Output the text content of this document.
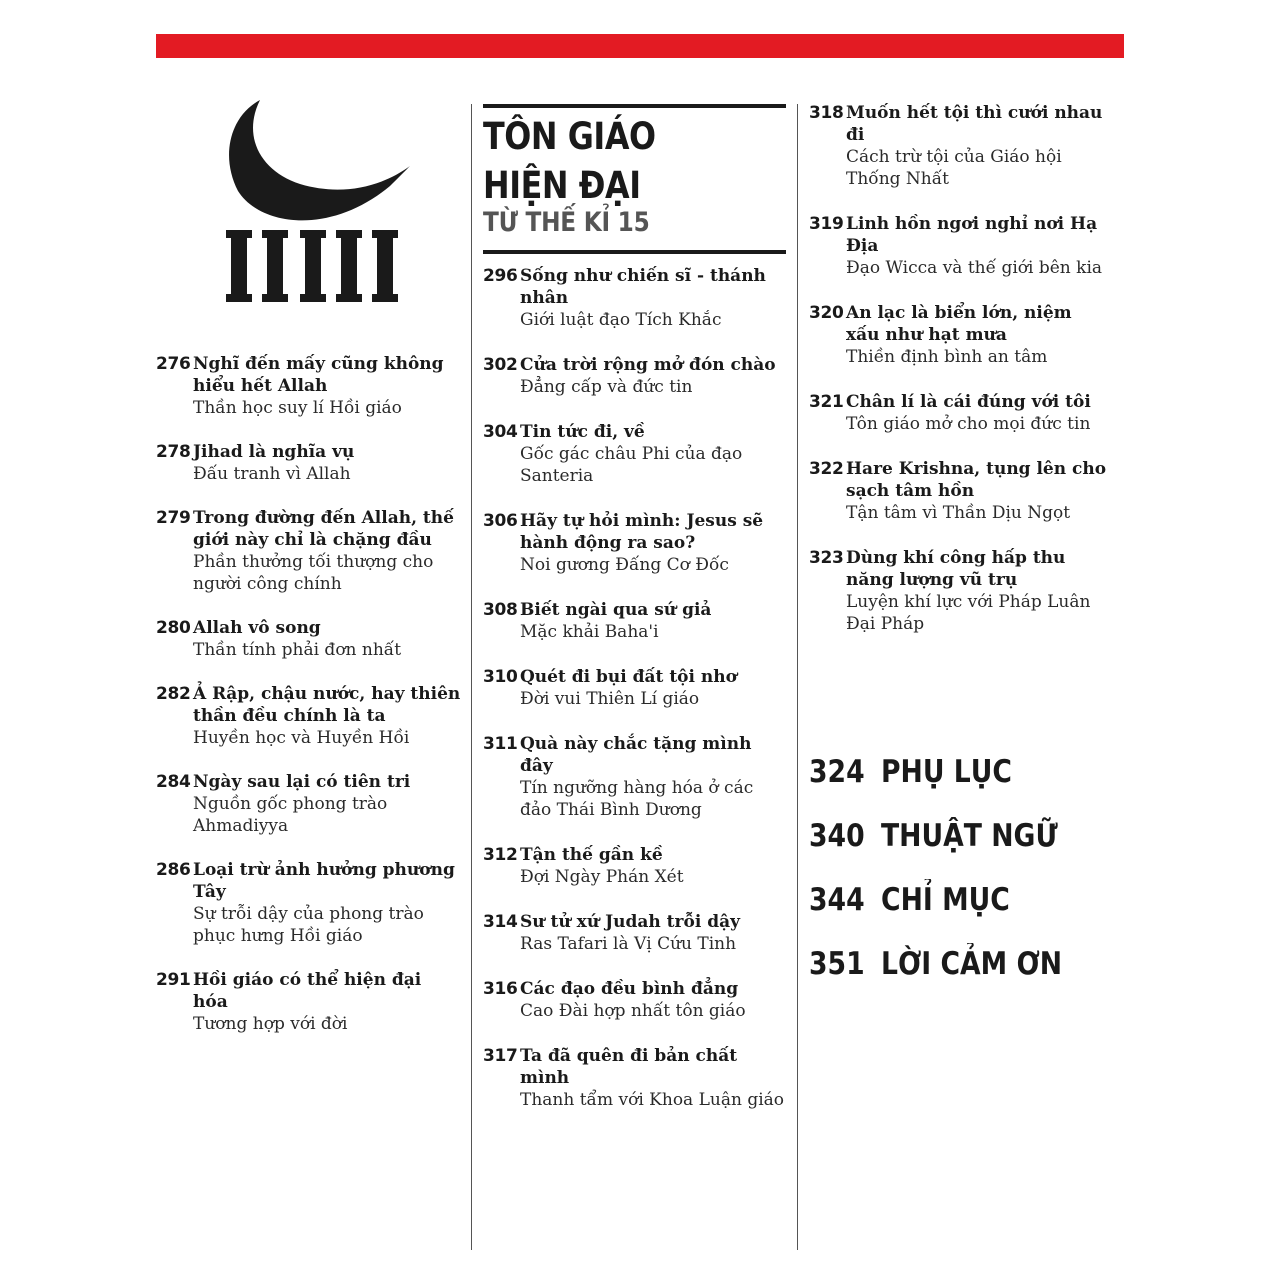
TÔN GIÁO
HIỆN ĐẠI
TỪ THẾ KỈ 15
276 Nghĩ đến mấy cũng không hiểu hết Allah
Thần học suy lí Hồi giáo
278 Jihad là nghĩa vụ
Đấu tranh vì Allah
279 Trong đường đến Allah, thế giới này chỉ là chặng đầu
Phần thưởng tối thượng cho người công chính
280 Allah vô song
Thần tính phải đơn nhất
282 Ả Rập, chậu nước, hay thiên thần đều chính là ta
Huyền học và Huyền Hồi
284 Ngày sau lại có tiên tri
Nguồn gốc phong trào Ahmadiyya
286 Loại trừ ảnh hưởng phương Tây
Sự trỗi dậy của phong trào phục hưng Hồi giáo
291 Hồi giáo có thể hiện đại hóa
Tương hợp với đời
296 Sống như chiến sĩ - thánh nhân
Giới luật đạo Tích Khắc
302 Cửa trời rộng mở đón chào
Đẳng cấp và đức tin
304 Tin tức đi, về
Gốc gác châu Phi của đạo Santeria
306 Hãy tự hỏi mình: Jesus sẽ hành động ra sao?
Noi gương Đấng Cơ Đốc
308 Biết ngài qua sứ giả
Mặc khải Baha'i
310 Quét đi bụi đất tội nhơ
Đời vui Thiên Lí giáo
311 Quà này chắc tặng mình đây
Tín ngưỡng hàng hóa ở các đảo Thái Bình Dương
312 Tận thế gần kề
Đợi Ngày Phán Xét
314 Sư tử xứ Judah trỗi dậy
Ras Tafari là Vị Cứu Tinh
316 Các đạo đều bình đẳng
Cao Đài hợp nhất tôn giáo
317 Ta đã quên đi bản chất mình
Thanh tẩm với Khoa Luận giáo
318 Muốn hết tội thì cưới nhau đi
Cách trừ tội của Giáo hội Thống Nhất
319 Linh hồn ngơi nghỉ nơi Hạ Địa
Đạo Wicca và thế giới bên kia
320 An lạc là biển lớn, niệm xấu như hạt mưa
Thiền định bình an tâm
321 Chân lí là cái đúng với tôi
Tôn giáo mở cho mọi đức tin
322 Hare Krishna, tụng lên cho sạch tâm hồn
Tận tâm vì Thần Dịu Ngọt
323 Dùng khí công hấp thu năng lượng vũ trụ
Luyện khí lực với Pháp Luân Đại Pháp
324 PHỤ LỤC
340 THUẬT NGỮ
344 CHỈ MỤC
351 LỜI CẢM ƠN
